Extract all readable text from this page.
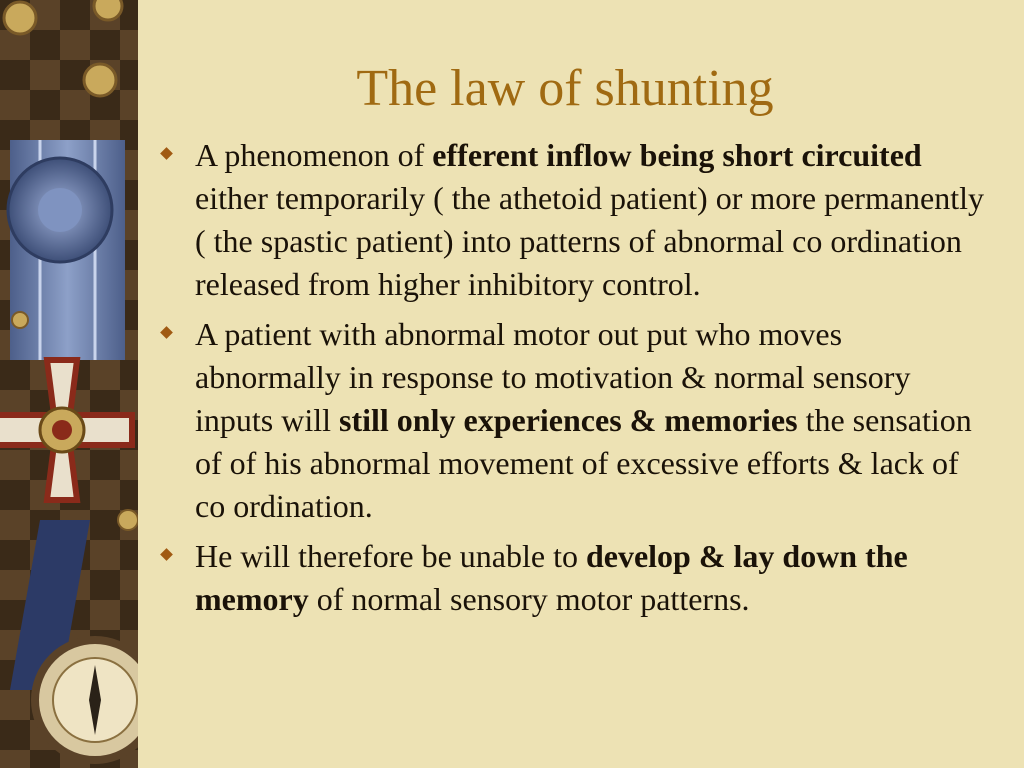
The law of shunting
A phenomenon of efferent inflow being short circuited either temporarily ( the athetoid patient) or more permanently ( the spastic patient) into patterns of abnormal co ordination released from higher inhibitory control.
A patient with abnormal motor out put who moves abnormally in response to motivation & normal sensory inputs will still only experiences & memories the sensation of of his abnormal movement of excessive efforts & lack of co ordination.
He will therefore be unable to develop & lay down the memory of normal sensory motor patterns.
